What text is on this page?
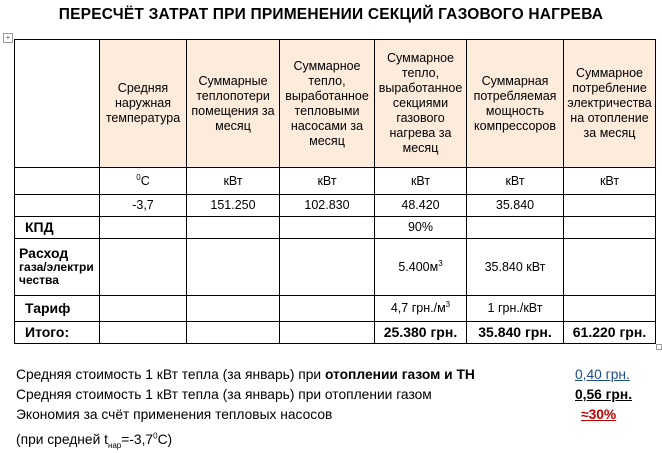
ПЕРЕСЧЁТ ЗАТРАТ ПРИ ПРИМЕНЕНИИ СЕКЦИЙ ГАЗОВОГО НАГРЕВА
+
	Средняя наружная температура	Суммарные теплопотери помещения за месяц	Суммарное тепло, выработанное тепловыми насосами за месяц	Суммарное тепло, выработанное секциями газового нагрева за месяц	Суммарная потребляемая мощность компрессоров	Суммарное потребление электричества на отопление за месяц
	$^0$С	кВт	кВт	кВт	кВт	кВт
	-3,7	151.250	102.830	48.420	35.840	
КПД				90%		
Расход
газа/электри
чества				$5.400м^3$	35.840 кВт	
Тариф				4,7 $грн./м^3$	1 грн./кВт	
Итого:				25.380 грн.	35.840 грн.	61.220 грн.
Средняя стоимость 1 кВт тепла (за январь) при отоплении газом и ТН	0,40 грн.
Средняя стоимость 1 кВт тепла (за январь) при отоплении газом	0,56 грн.
Экономия за счёт применения тепловых насосов	≈30%
(при средней $t_{нар}=-3,7^0С$)
